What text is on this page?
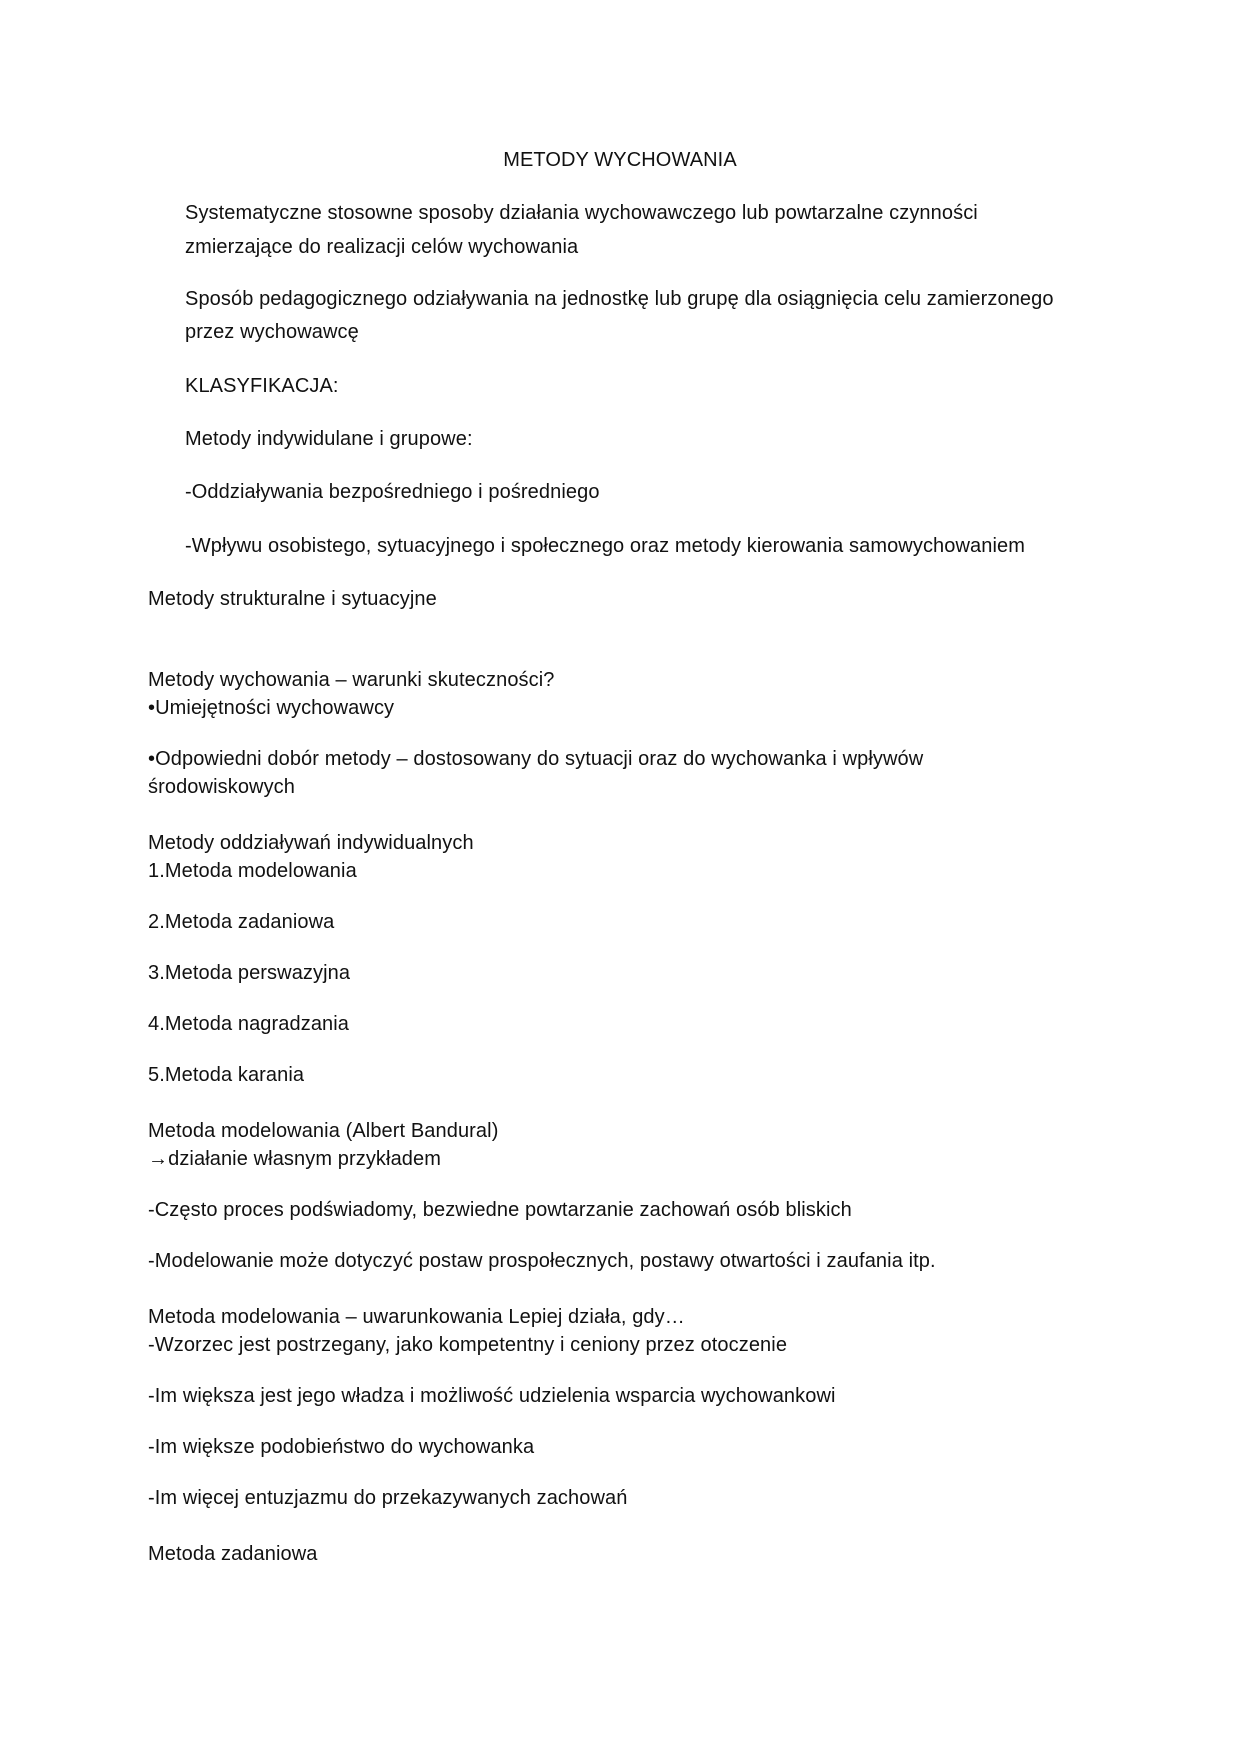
METODY WYCHOWANIA
Systematyczne stosowne sposoby działania wychowawczego lub powtarzalne czynności
zmierzające do realizacji celów wychowania
Sposób pedagogicznego odziaływania na jednostkę lub grupę dla osiągnięcia celu zamierzonego
przez wychowawcę
KLASYFIKACJA:
Metody indywidulane i grupowe:
-Oddziaływania bezpośredniego i pośredniego
-Wpływu osobistego, sytuacyjnego i społecznego oraz metody kierowania samowychowaniem
Metody strukturalne i sytuacyjne
Metody wychowania – warunki skuteczności?
•Umiejętności wychowawcy
•Odpowiedni dobór metody – dostosowany do sytuacji oraz do wychowanka i wpływów
środowiskowych
Metody oddziaływań indywidualnych
1.Metoda modelowania
2.Metoda zadaniowa
3.Metoda perswazyjna
4.Metoda nagradzania
5.Metoda karania
Metoda modelowania (Albert Bandural)
→działanie własnym przykładem
-Często proces podświadomy, bezwiedne powtarzanie zachowań osób bliskich
-Modelowanie może dotyczyć postaw prospołecznych, postawy otwartości i zaufania itp.
Metoda modelowania – uwarunkowania Lepiej działa, gdy…
-Wzorzec jest postrzegany, jako kompetentny i ceniony przez otoczenie
-Im większa jest jego władza i możliwość udzielenia wsparcia wychowankowi
-Im większe podobieństwo do wychowanka
-Im więcej entuzjazmu do przekazywanych zachowań
Metoda zadaniowa
